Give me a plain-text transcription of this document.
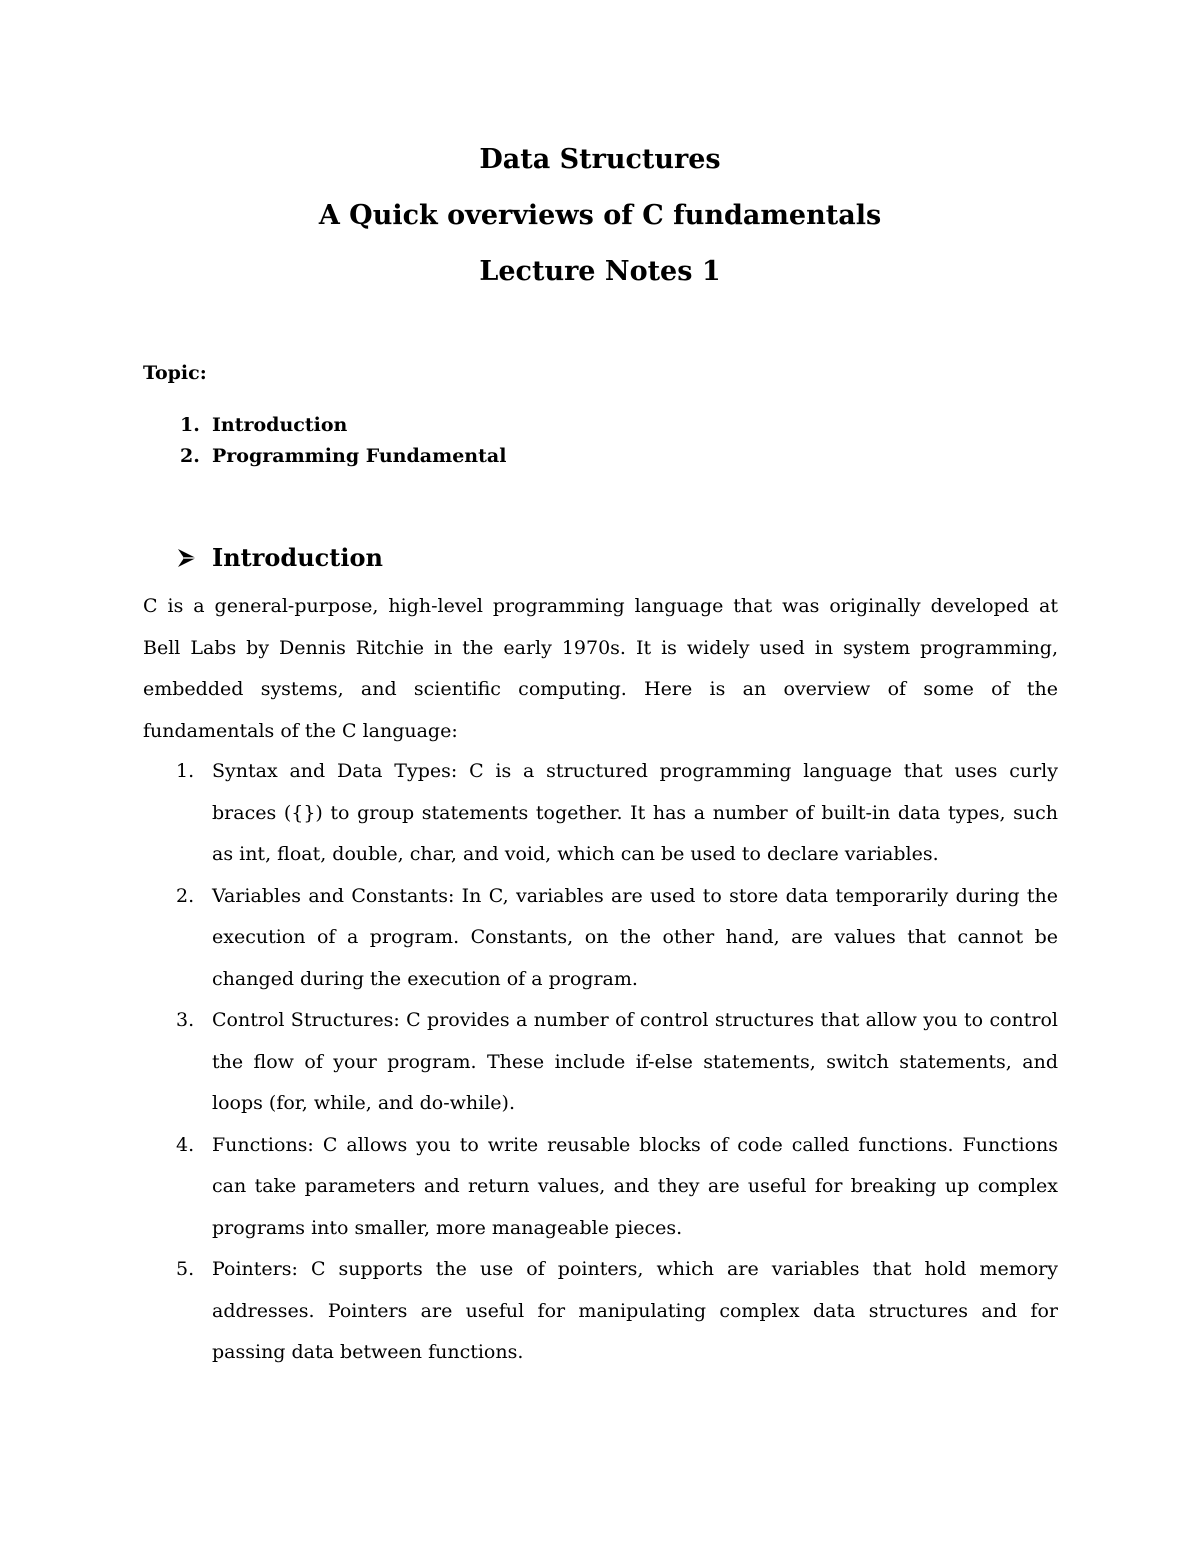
Data Structures
A Quick overviews of C fundamentals
Lecture Notes 1
Topic:
1. Introduction
2. Programming Fundamental
Introduction

C is a general-purpose, high-level programming language that was originally developed at Bell Labs by Dennis Ritchie in the early 1970s. It is widely used in system programming, embedded systems, and scientific computing. Here is an overview of some of the fundamentals of the C language:

1. Syntax and Data Types: C is a structured programming language that uses curly braces ({}) to group statements together. It has a number of built-in data types, such as int, float, double, char, and void, which can be used to declare variables.
2. Variables and Constants: In C, variables are used to store data temporarily during the execution of a program. Constants, on the other hand, are values that cannot be changed during the execution of a program.
3. Control Structures: C provides a number of control structures that allow you to control the flow of your program. These include if-else statements, switch statements, and loops (for, while, and do-while).
4. Functions: C allows you to write reusable blocks of code called functions. Functions can take parameters and return values, and they are useful for breaking up complex programs into smaller, more manageable pieces.
5. Pointers: C supports the use of pointers, which are variables that hold memory addresses. Pointers are useful for manipulating complex data structures and for passing data between functions.
